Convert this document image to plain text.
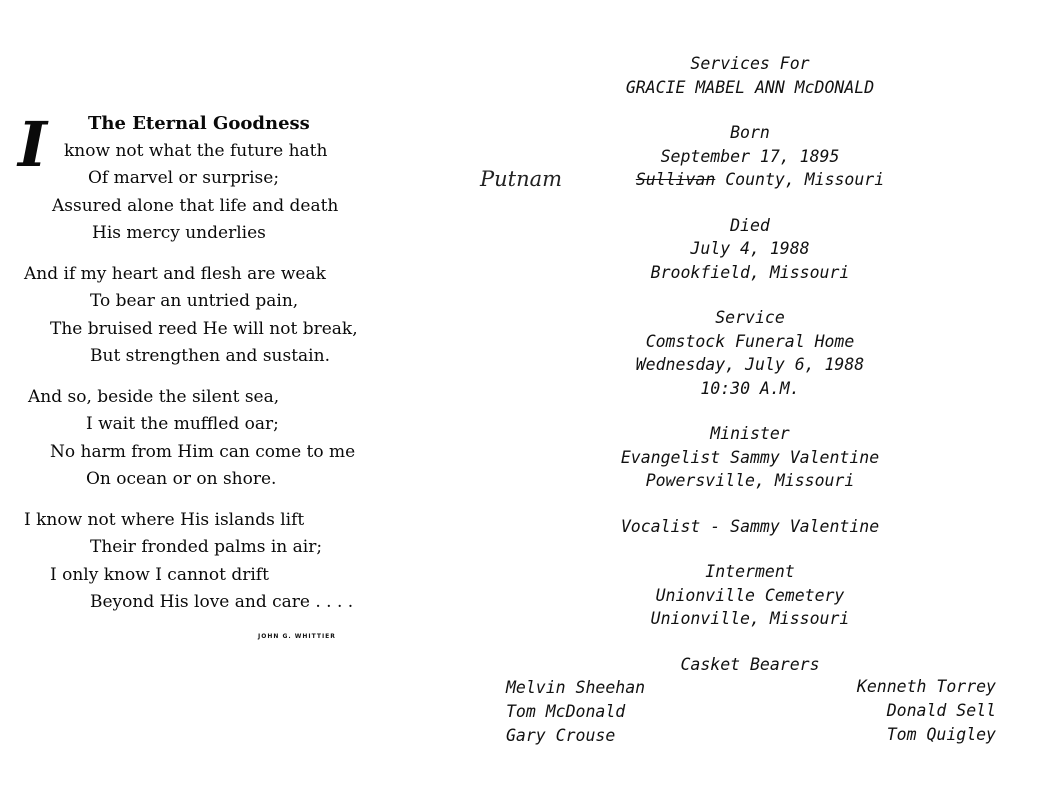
I The Eternal Goodness
know not what the future hath
Of marvel or surprise;
Assured alone that life and death
His mercy underlies
And if my heart and flesh are weak
To bear an untried pain,
The bruised reed He will not break,
But strengthen and sustain.
And so, beside the silent sea,
I wait the muffled oar;
No harm from Him can come to me
On ocean or on shore.
I know not where His islands lift
Their fronded palms in air;
I only know I cannot drift
Beyond His love and care . . . .
JOHN G. WHITTIER
Services For
GRACIE MABEL ANN McDONALD
Born
September 17, 1895
Putnam	Sullivan County, Missouri
Died
July 4, 1988
Brookfield, Missouri
Service
Comstock Funeral Home
Wednesday, July 6, 1988
10:30 A.M.
Minister
Evangelist Sammy Valentine
Powersville, Missouri
Vocalist - Sammy Valentine
Interment
Unionville Cemetery
Unionville, Missouri
Casket Bearers
Melvin Sheehan
Tom McDonald
Gary Crouse
Kenneth Torrey
Donald Sell
Tom Quigley
